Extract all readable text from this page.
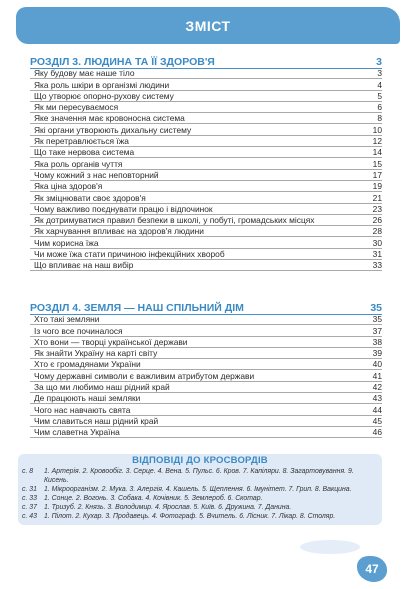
ЗМІСТ
РОЗДІЛ 3. ЛЮДИНА ТА ЇЇ ЗДОРОВ'Я	3
Яку будову має наше тіло	3
Яка роль шкіри в організмі людини	4
Що утворює опорно-рухову систему	5
Як ми пересуваємося	6
Яке значення має кровоносна система	8
Які органи утворюють дихальну систему	10
Як перетравлюється їжа	12
Що таке нервова система	14
Яка роль органів чуття	15
Чому кожний з нас неповторний	17
Яка ціна здоров'я	19
Як зміцнювати своє здоров'я	21
Чому важливо поєднувати працю і відпочинок	23
Як дотримуватися правил безпеки в школі, у побуті, громадських місцях	26
Як харчування впливає на здоров'я людини	28
Чим корисна їжа	30
Чи може їжа стати причиною інфекційних хвороб	31
Що впливає на наш вибір	33
РОЗДІЛ 4. ЗЕМЛЯ — НАШ СПІЛЬНИЙ ДІМ	35
Хто такі земляни	35
Із чого все починалося	37
Хто вони — творці української держави	38
Як знайти Україну на карті світу	39
Хто є громадянами України	40
Чому державні символи є важливим атрибутом держави	41
За що ми любимо наш рідний край	42
Де працюють наші земляки	43
Чого нас навчають свята	44
Чим славиться наш рідний край	45
Чим славетна Україна	46
ВІДПОВІДІ ДО КРОСВОРДІВ
с. 8	1. Артерія. 2. Кровообіг. 3. Серце. 4. Вена. 5. Пульс. 6. Кров. 7. Капіляри. 8. Загартовування. 9. Кисень.
с. 31	1. Мікроорганізм. 2. Мука. 3. Алергія. 4. Кашель. 5. Щеплення. 6. Імунітет. 7. Грип. 8. Вакцина.
с. 33	1. Сонце. 2. Вогонь. 3. Собака. 4. Кочівник. 5. Землероб. 6. Скотар.
с. 37	1. Тризуб. 2. Князь. 3. Володимир. 4. Ярослав. 5. Київ. 6. Дружина. 7. Данина.
с. 43	1. Пілот. 2. Кухар. 3. Продавець. 4. Фотограф. 5. Вчитель. 6. Лісник. 7. Лікар. 8. Столяр.
47
